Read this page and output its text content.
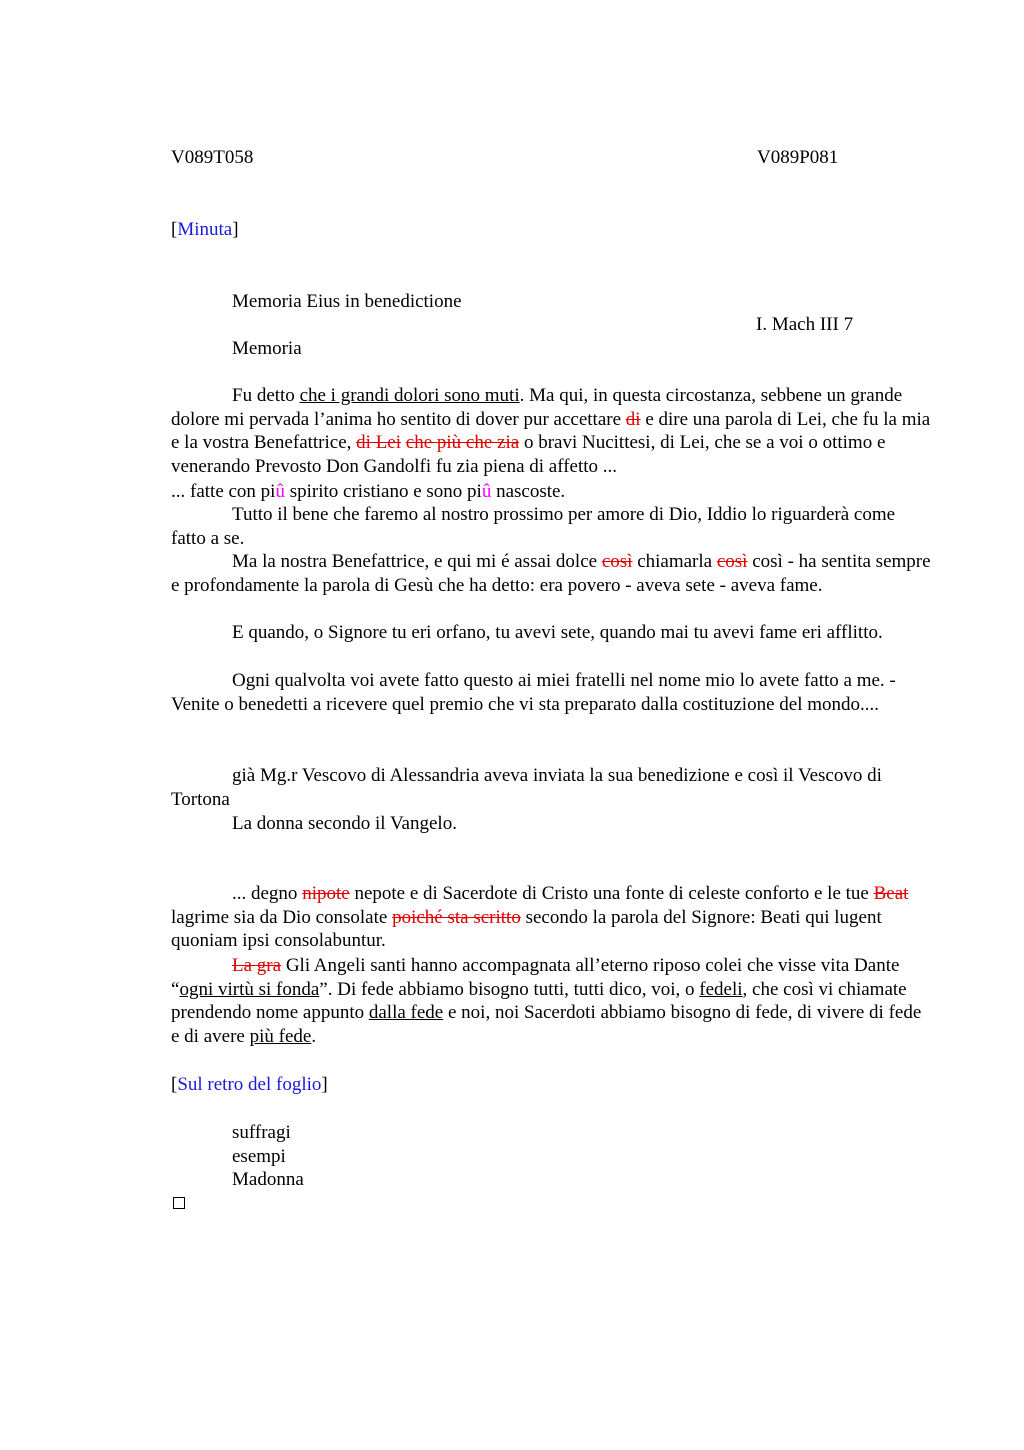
V089T058	V089P081
[Minuta]
Memoria Eius in benedictione
I. Mach III 7
Memoria
Fu detto che i grandi dolori sono muti. Ma qui, in questa circostanza, sebbene un grande dolore mi pervada l’anima ho sentito di dover pur accettare di e dire una parola di Lei, che fu la mia e la vostra Benefattrice, di Lei che più che zia o bravi Nucittesi, di Lei, che se a voi o ottimo e venerando Prevosto Don Gandolfi fu zia piena di affetto ...
... fatte con piû spirito cristiano e sono piû nascoste.
Tutto il bene che faremo al nostro prossimo per amore di Dio, Iddio lo riguarderà come fatto a se.
Ma la nostra Benefattrice, e qui mi é assai dolce così chiamarla così così - ha sentita sempre e profondamente la parola di Gesù che ha detto: era povero - aveva sete - aveva fame.
E quando, o Signore tu eri orfano, tu avevi sete, quando mai tu avevi fame eri afflitto.
Ogni qualvolta voi avete fatto questo ai miei fratelli nel nome mio lo avete fatto a me. - Venite o benedetti a ricevere quel premio che vi sta preparato dalla costituzione del mondo....
già Mg.r Vescovo di Alessandria aveva inviata la sua benedizione e così il Vescovo di Tortona
La donna secondo il Vangelo.
... degno nipote nepote e di Sacerdote di Cristo una fonte di celeste conforto e le tue Beat lagrime sia da Dio consolate poiché sta scritto secondo la parola del Signore: Beati qui lugent quoniam ipsi consolabuntur.
La gra Gli Angeli santi hanno accompagnata all’eterno riposo colei che visse vita Dante “ogni virtù si fonda”. Di fede abbiamo bisogno tutti, tutti dico, voi, o fedeli, che così vi chiamate prendendo nome appunto dalla fede e noi, noi Sacerdoti abbiamo bisogno di fede, di vivere di fede e di avere più fede.
[Sul retro del foglio]
suffragi
esempi
Madonna
